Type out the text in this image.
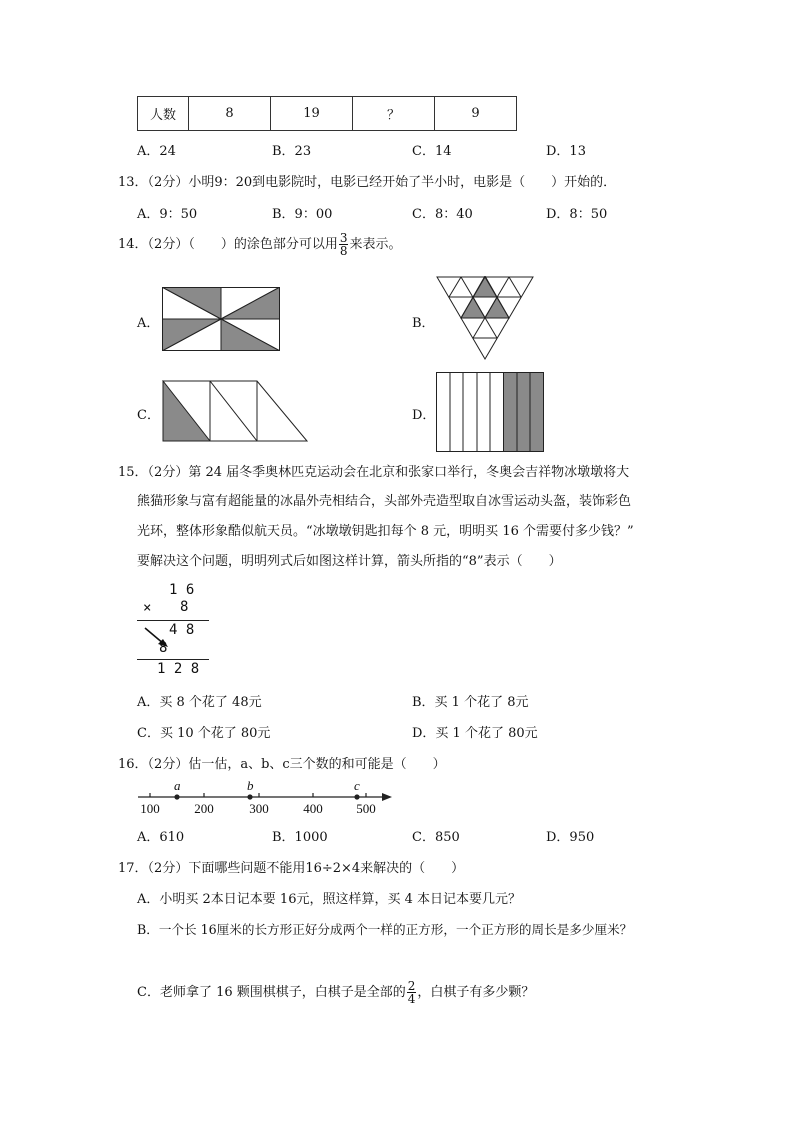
人数	8	19	？	9
A．24	B．23	C．14	D．13
13．（2分）小明9：20到电影院时，电影已经开始了半小时，电影是（　　）开始的．
A．9：50	B．9：00	C．8：40	D．8：50
14．（2分）（　　）的涂色部分可以用 $\frac{3}{8}$ 来表示。
A．	B．
C．	D．
15．（2分）第 24 届冬季奥林匹克运动会在北京和张家口举行，冬奥会吉祥物冰墩墩将大
熊猫形象与富有超能量的冰晶外壳相结合，头部外壳造型取自冰雪运动头盔，装饰彩色
光环，整体形象酷似航天员。“冰墩墩钥匙扣每个 8 元，明明买 16 个需要付多少钱？”
要解决这个问题，明明列式后如图这样计算，箭头所指的“8”表示（　　）
1 6
× 8
4 8
8
1 2 8
A．买 8 个花了 48元	B．买 1 个花了 8元
C．买 10 个花了 80元	D．买 1 个花了 80元
16．（2分）估一估，a、b、c三个数的和可能是（　　）
a	b	c
100	200	300	400	500
A．610	B．1000	C．850	D．950
17．（2分）下面哪些问题不能用16÷2×4来解决的（　　）
A．小明买 2本日记本要 16元，照这样算，买 4 本日记本要几元？
B．一个长 16厘米的长方形正好分成两个一样的正方形，一个正方形的周长是多少厘米？
C．老师拿了 16 颗围棋棋子，白棋子是全部的 $\frac{2}{4}$ ，白棋子有多少颗？
